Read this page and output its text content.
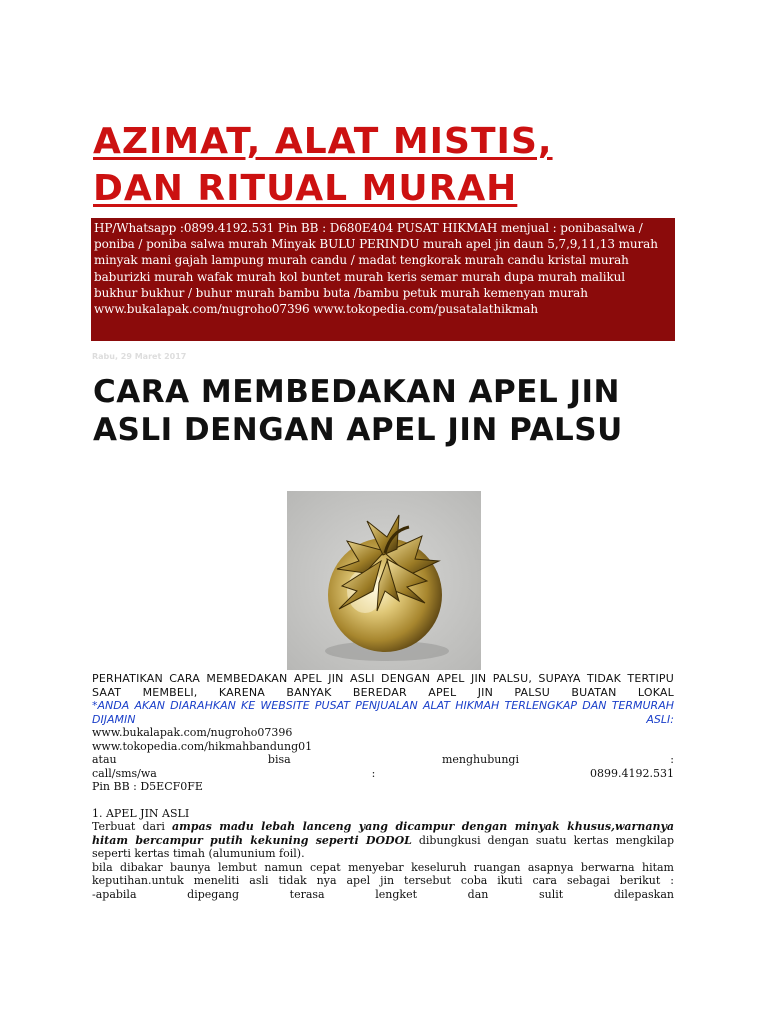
AZIMAT, ALAT MISTIS,
DAN RITUAL MURAH
HP/Whatsapp :0899.4192.531 Pin BB : D680E404 PUSAT HIKMAH menjual : ponibasalwa / poniba / poniba salwa murah Minyak BULU PERINDU murah apel jin daun 5,7,9,11,13 murah minyak mani gajah lampung murah candu / madat tengkorak murah candu kristal murah baburizki murah wafak murah kol buntet murah keris semar murah dupa murah malikul bukhur bukhur / buhur murah bambu buta /bambu petuk murah kemenyan murah www.bukalapak.com/nugroho07396 www.tokopedia.com/pusatalathikmah
Rabu, 29 Maret 2017
CARA MEMBEDAKAN APEL JIN ASLI DENGAN APEL JIN PALSU
PERHATIKAN CARA MEMBEDAKAN APEL JIN ASLI DENGAN APEL JIN PALSU, SUPAYA TIDAK TERTIPU SAAT MEMBELI, KARENA BANYAK BEREDAR APEL JIN PALSU BUATAN LOKAL
*ANDA AKAN DIARAHKAN KE WEBSITE PUSAT PENJUALAN ALAT HIKMAH TERLENGKAP DAN TERMURAH DIJAMIN ASLI:
www.bukalapak.com/nugroho07396
www.tokopedia.com/hikmahbandung01
atau	bisa	menghubungi	:
call/sms/wa	:	0899.4192.531
Pin BB : D5ECF0FE
1. APEL JIN ASLI
Terbuat dari ampas madu lebah lanceng yang dicampur dengan minyak khusus,warnanya hitam bercampur putih kekuning seperti DODOL dibungkusi dengan suatu kertas mengkilap seperti kertas timah (alumunium foil).
bila dibakar baunya lembut namun cepat menyebar keseluruh ruangan asapnya berwarna hitam keputihan.untuk meneliti asli tidak nya apel jin tersebut coba ikuti cara sebagai berikut :
-apabila dipegang terasa lengket dan sulit dilepaskan
